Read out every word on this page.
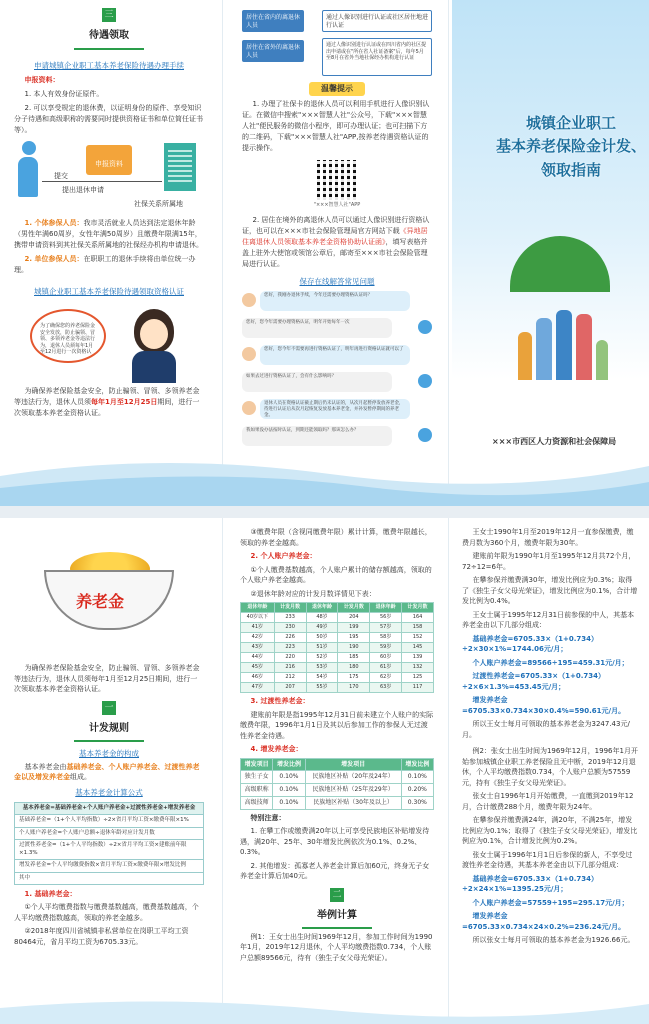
三
待遇领取
申请城镇企业职工基本养老保险待遇办理手续
申报资料：
1. 本人有效身份证原件。
2. 可以享受规定的退休费，以证明身份的原件、享受知识分子待遇和高级职称的需要同时提供资格证书和单位简任证书等）。
申报资料
提交
提出退休申请
社保关系所属地
1. 个体参保人员：我市灵活就业人员达到法定退休年龄（男性年满60周岁，女性年满50周岁）且缴费年限满15年，携带申请资料到其社保关系所属地的社保经办机构申请退休。
2. 单位参保人员：在职职工的退休手续将由单位统一办理。
城镇企业职工基本养老保险待遇领取资格认证
为了确保您的养老保险金安全发放，防止骗领、冒领、多领养老金等违法行为，退休人员须每年1月至12月进行一次资格认证。
为确保养老保险基金安全，防止骗领、冒领、多领养老金等违法行为，退休人员须每年1月至12月25日期间，进行一次领取基本养老金资格认证。
居住在省内的离退休人员
通过人像识别进行认证或社区居住地进行认证
居住在省外的离退休人员
通过人像识别进行认证或在四川省内的社区提出申请或在"所在省人社证备案"后，每年5月至8月在省外当地社保经办机构进行认证
温馨提示
1. 办理了社保卡的退休人员可以利用手机进行人像识别认证。在微信中搜索"×××智慧人社"公众号，下载"×××智慧人社"便民服务的微信小程序，即可办理认证；也可扫描下方的二维码，下载"×××智慧人社"APP,按养老待遇资格认证的提示操作。
"×××智慧人社"APP
2. 居住在境外的离退休人员可以通过人像识别进行资格认证，也可以在×××市社会保险管理局官方网站下载《异地居住离退休人员领取基本养老金资格协助认证函》，填写表格并盖上驻外大使馆或领馆公章后，邮寄至×××市社会保险管理局进行认证。
保存在线解答常见问题
您好，我刚办退休手续，今年还需要办理资格认证吗？
您好，您今年需要办理资格认证，明年开始每年一次
您好，您今年不需要再进行资格认证了，明年再进行资格认证就可以了
如果去过进行资格认证了，会有什么影响吗？
退休人员在资格认证截止期后仍未认证的，从次月起暂停发放养老金，待进行认证后从次月起恢复发放基本养老金，并补发暂停期间的养老金。
我如果没办法按时认证，到期还能领取吗？那该怎么办？
城镇企业职工
基本养老保险金计发、
领取指南
×××市西区人力资源和社会保障局
养老金
为确保养老保险基金安全，防止骗领、冒领、多领养老金等违法行为，退休人员须每年1月至12月25日期间，进行一次领取基本养老金资格认证。
一
计发规则
基本养老金的构成
基本养老金由基础养老金、个人账户养老金、过渡性养老金以及增发养老金组成。
基本养老金计算公式
基本养老金=基础养老金+个人账户养老金+过渡性养老金+增发养老金
基础养老金=（1+个人平均指数）÷2×省月平均工资×缴费年限×1%
个人账户养老金=个人账户总额÷退休年龄对应计发月数
过渡性养老金=（1+个人平均指数）÷2×省月平均工资×建账前年限×1.3%
增发养老金=个人平均缴费指数×省月平均工资×缴费年限×增发比例
其中
1. 基础养老金：
①个人平均缴费指数与缴费基数越高，缴费基数越高，个人平均缴费指数越高，领取的养老金越多。
②2018年度四川省城镇非私营单位在岗职工平均工资80464元，省月平均工资为6705.33元。
③缴费年限（含视同缴费年限）累计计算，缴费年限越长，领取的养老金越高。
2. 个人账户养老金：
①个人缴费基数越高，个人账户累计的储存额越高，领取的个人账户养老金越高。
②退休年龄对应的计发月数详情见下表：
退休年龄	计发月数	退休年龄	计发月数	退休年龄	计发月数
40岁以下	233	48岁	204	56岁	164
41岁	230	49岁	199	57岁	158
42岁	226	50岁	195	58岁	152
43岁	223	51岁	190	59岁	145
44岁	220	52岁	185	60岁	139
45岁	216	53岁	180	61岁	132
46岁	212	54岁	175	62岁	125
47岁	207	55岁	170	63岁	117
3. 过渡性养老金：
建账前年限是指1995年12月31日前未建立个人账户的实际缴费年限，1996年1月1日及其以后参加工作的参保人无过渡性养老金待遇。
4. 增发养老金：
增发项目	增发比例	增发项目	增发比例
独生子女	0.10%	民族地区补贴（20年及24年）	0.10%
高级职称	0.10%	民族地区补贴（25年及29年）	0.20%
高级技师	0.10%	民族地区补贴（30年及以上）	0.30%
特别注意：
1. 在攀工作或缴费满20年以上可享受民族地区补贴增发待遇，满20年、25年、30年增发比例依次为0.1%、0.2%、0.3%。
2. 其他增发：孤寡老人养老金计算后加60元，终身无子女养老金计算后加40元。
二
举例计算
例1：王女士出生时间1969年12月，参加工作时间为1990年1月，2019年12月退休，个人平均缴费指数0.734，个人账户总额89566元，待有（独生子女父母光荣证）。
王女士1990年1月至2019年12月一直参保缴费，缴费月数为360个月，缴费年限为30年。
建账前年限为1990年1月至1995年12月共72个月，72÷12=6年。
在攀参保并缴费满30年，增发比例应为0.3%；取得了《独生子女父母光荣证》，增发比例应为0.1%，合计增发比例为0.4%。
王女士属于1995年12月31日前参保的中人，其基本养老金由以下几部分组成：
基础养老金=6705.33×（1+0.734）÷2×30×1%=1744.06元/月；
个人账户养老金=89566÷195=459.31元/月；
过渡性养老金=6705.33×（1+0.734）÷2×6×1.3%=453.45元/月；
增发养老金=6705.33×0.734×30×0.4%=590.61元/月。
所以王女士每月可领取的基本养老金为3247.43元/月。
例2：张女士出生时间为1969年12月，1996年1月开始参加城镇企业职工养老保险且无中断，2019年12月退休，个人平均缴费指数0.734，个人账户总额为57559元，持有《独生子女父母光荣证》。
张女士自1996年1月开始缴费，一直缴到2019年12月，合计缴费288个月，缴费年限为24年。
在攀参保并缴费满24年，满20年，不满25年，增发比例应为0.1%；取得了《独生子女父母光荣证》，增发比例应为0.1%，合计增发比例为0.2%。
张女士属于1996年1月1日后参保的新人，不享受过渡性养老金待遇，其基本养老金由以下几部分组成：
基础养老金=6705.33×（1+0.734）÷2×24×1%=1395.25元/月；
个人账户养老金=57559÷195=295.17元/月；
增发养老金=6705.33×0.734×24×0.2%=236.24元/月。
所以张女士每月可领取的基本养老金为1926.66元。
